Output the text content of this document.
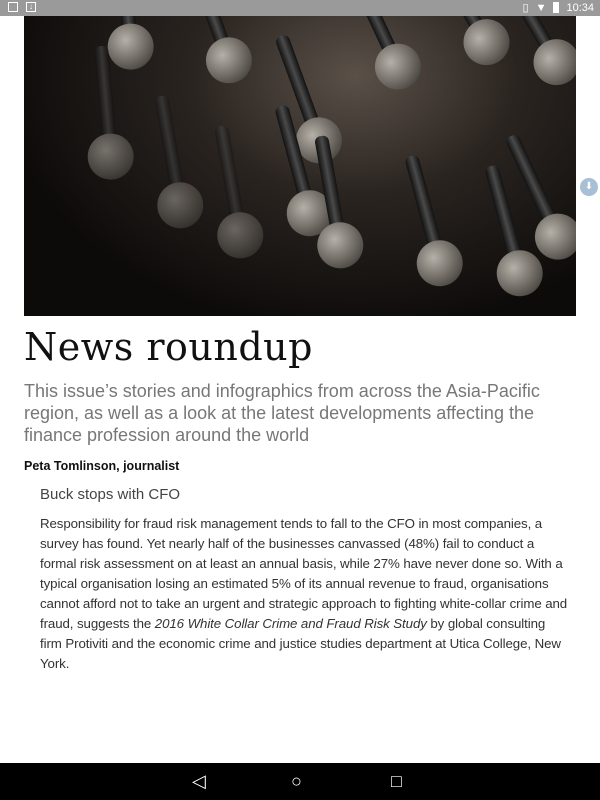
↓	▯ ▼ 10:34
News roundup

This issue’s stories and infographics from across the Asia-Pacific region, as well as a look at the latest developments affecting the finance profession around the world

Peta Tomlinson, journalist
Buck stops with CFO

Responsibility for fraud risk management tends to fall to the CFO in most companies, a survey has found. Yet nearly half of the businesses canvassed (48%) fail to conduct a formal risk assessment on at least an annual basis, while 27% have never done so. With a typical organisation losing an estimated 5% of its annual revenue to fraud, organisations cannot afford not to take an urgent and strategic approach to fighting white-collar crime and fraud, suggests the 2016 White Collar Crime and Fraud Risk Study by global consulting firm Protiviti and the economic crime and justice studies department at Utica College, New York.

⬇
◁	○	□
